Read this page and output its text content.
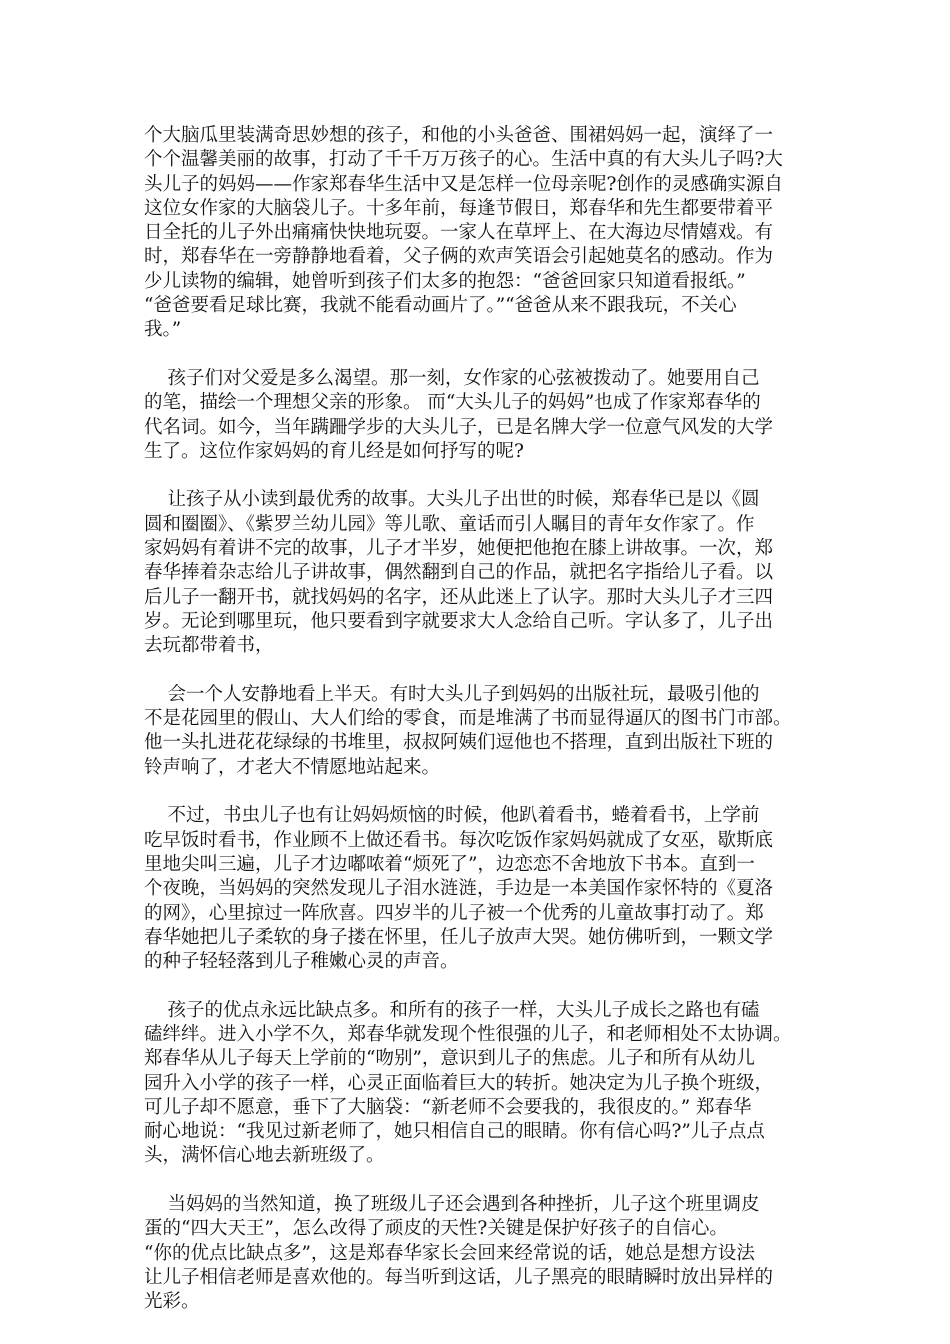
个大脑瓜里装满奇思妙想的孩子，和他的小头爸爸、围裙妈妈一起，演绎了一
个个温馨美丽的故事，打动了千千万万孩子的心。生活中真的有大头儿子吗?大
头儿子的妈妈——作家郑春华生活中又是怎样一位母亲呢?创作的灵感确实源自
这位女作家的大脑袋儿子。十多年前，每逢节假日，郑春华和先生都要带着平
日全托的儿子外出痛痛快快地玩耍。一家人在草坪上、在大海边尽情嬉戏。有
时，郑春华在一旁静静地看着，父子俩的欢声笑语会引起她莫名的感动。作为
少儿读物的编辑，她曾听到孩子们太多的抱怨：“爸爸回家只知道看报纸。”
“爸爸要看足球比赛，我就不能看动画片了。”“爸爸从来不跟我玩，不关心
我。”
孩子们对父爱是多么渴望。那一刻，女作家的心弦被拨动了。她要用自己
的笔，描绘一个理想父亲的形象。 而“大头儿子的妈妈”也成了作家郑春华的
代名词。如今，当年蹒跚学步的大头儿子，已是名牌大学一位意气风发的大学
生了。这位作家妈妈的育儿经是如何抒写的呢?
让孩子从小读到最优秀的故事。大头儿子出世的时候，郑春华已是以《圆
圆和圈圈》、《紫罗兰幼儿园》等儿歌、童话而引人瞩目的青年女作家了。作
家妈妈有着讲不完的故事，儿子才半岁，她便把他抱在膝上讲故事。一次，郑
春华捧着杂志给儿子讲故事，偶然翻到自己的作品，就把名字指给儿子看。以
后儿子一翻开书，就找妈妈的名字，还从此迷上了认字。那时大头儿子才三四
岁。无论到哪里玩，他只要看到字就要求大人念给自己听。字认多了，儿子出
去玩都带着书，
会一个人安静地看上半天。有时大头儿子到妈妈的出版社玩，最吸引他的
不是花园里的假山、大人们给的零食，而是堆满了书而显得逼仄的图书门市部。
他一头扎进花花绿绿的书堆里，叔叔阿姨们逗他也不搭理，直到出版社下班的
铃声响了，才老大不情愿地站起来。
不过，书虫儿子也有让妈妈烦恼的时候，他趴着看书，蜷着看书，上学前
吃早饭时看书，作业顾不上做还看书。每次吃饭作家妈妈就成了女巫，歇斯底
里地尖叫三遍，儿子才边嘟哝着“烦死了”，边恋恋不舍地放下书本。直到一
个夜晚，当妈妈的突然发现儿子泪水涟涟，手边是一本美国作家怀特的《夏洛
的网》，心里掠过一阵欣喜。四岁半的儿子被一个优秀的儿童故事打动了。郑
春华她把儿子柔软的身子搂在怀里，任儿子放声大哭。她仿佛听到，一颗文学
的种子轻轻落到儿子稚嫩心灵的声音。
孩子的优点永远比缺点多。和所有的孩子一样，大头儿子成长之路也有磕
磕绊绊。进入小学不久，郑春华就发现个性很强的儿子，和老师相处不太协调。
郑春华从儿子每天上学前的“吻别”，意识到儿子的焦虑。儿子和所有从幼儿
园升入小学的孩子一样，心灵正面临着巨大的转折。她决定为儿子换个班级，
可儿子却不愿意，垂下了大脑袋：“新老师不会要我的，我很皮的。” 郑春华
耐心地说：“我见过新老师了，她只相信自己的眼睛。你有信心吗?”儿子点点
头，满怀信心地去新班级了。
当妈妈的当然知道，换了班级儿子还会遇到各种挫折，儿子这个班里调皮
蛋的“四大天王”，怎么改得了顽皮的天性?关键是保护好孩子的自信心。
“你的优点比缺点多”，这是郑春华家长会回来经常说的话，她总是想方设法
让儿子相信老师是喜欢他的。每当听到这话，儿子黑亮的眼睛瞬时放出异样的
光彩。
